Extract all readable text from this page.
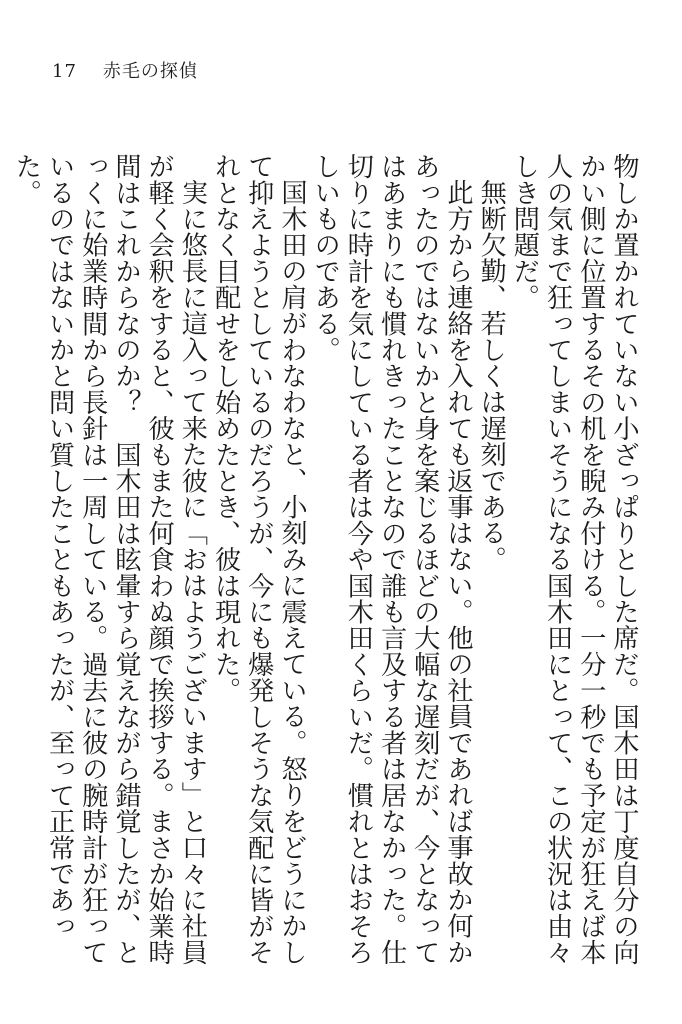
17 赤毛の探偵

物しか置かれていない小ざっぱりとした席だ。国木田は丁度自分の向かい側に位置するその机を睨み付ける。一分一秒でも予定が狂えば本人の気まで狂ってしまいそうになる国木田にとって、この状況は由々しき問題だ。

無断欠勤、若しくは遅刻である。

此方から連絡を入れても返事はない。他の社員であれば事故か何かあったのではないかと身を案じるほどの大幅な遅刻だが、今となってはあまりにも慣れきったことなので誰も言及する者は居なかった。仕切りに時計を気にしている者は今や国木田くらいだ。慣れとはおそろしいものである。

国木田の肩がわなわなと、小刻みに震えている。怒りをどうにかして抑えようとしているのだろうが、今にも爆発しそうな気配に皆がそれとなく目配せをし始めたとき、彼は現れた。

実に悠長に這入って来た彼に「おはようございます」と口々に社員が軽く会釈をすると、彼もまた何食わぬ顔で挨拶する。まさか始業時間はこれからなのか？　国木田は眩暈すら覚えながら錯覚したが、とっくに始業時間から長針は一周している。過去に彼の腕時計が狂っているのではないかと問い質したこともあったが、至って正常であった。
